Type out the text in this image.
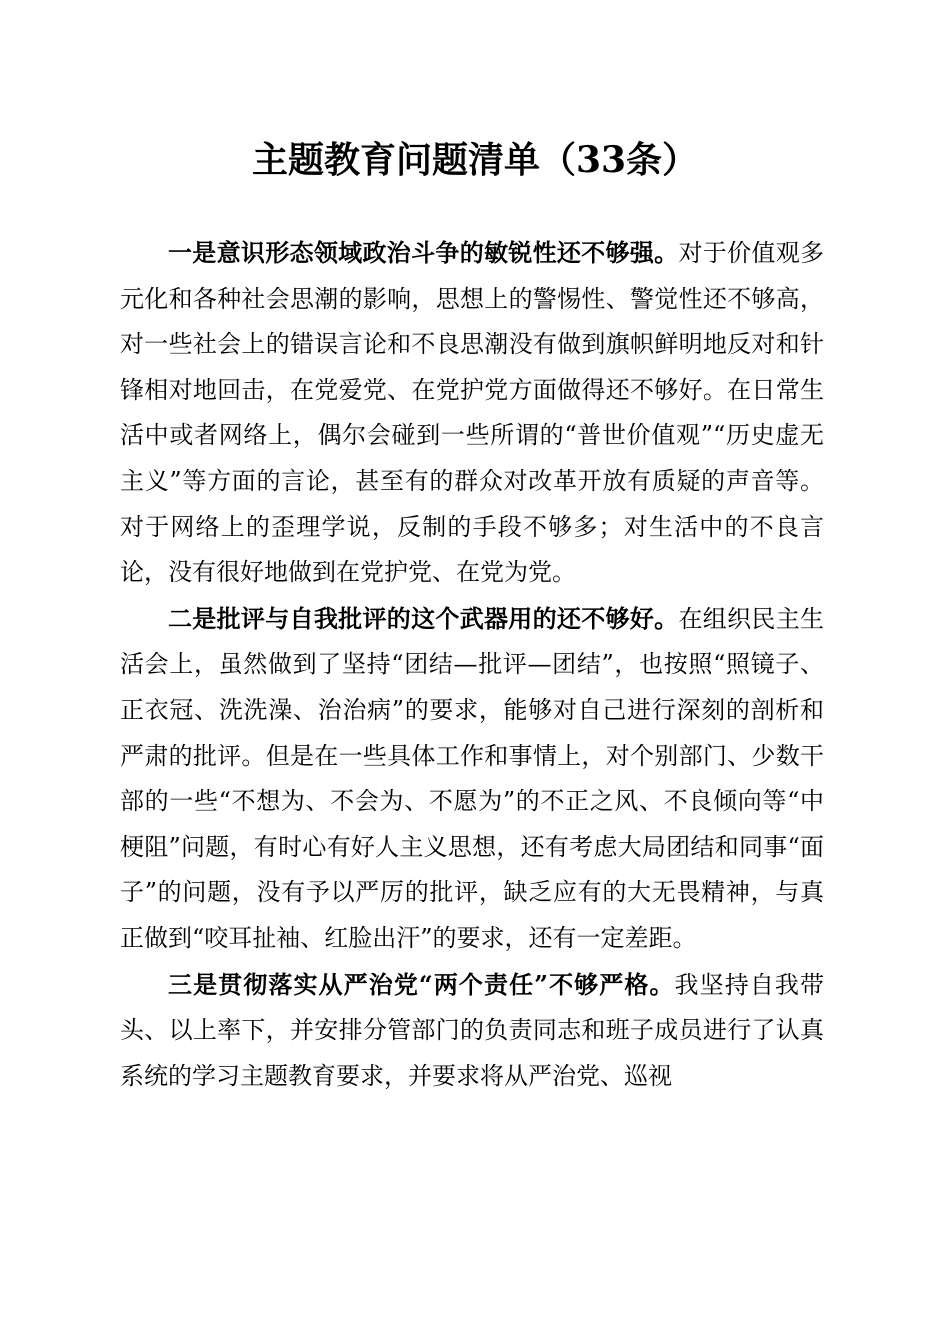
主题教育问题清单（33条）

一是意识形态领域政治斗争的敏锐性还不够强。对于价值观多元化和各种社会思潮的影响，思想上的警惕性、警觉性还不够高，对一些社会上的错误言论和不良思潮没有做到旗帜鲜明地反对和针锋相对地回击，在党爱党、在党护党方面做得还不够好。在日常生活中或者网络上，偶尔会碰到一些所谓的“普世价值观”“历史虚无主义”等方面的言论，甚至有的群众对改革开放有质疑的声音等。对于网络上的歪理学说，反制的手段不够多；对生活中的不良言论，没有很好地做到在党护党、在党为党。

二是批评与自我批评的这个武器用的还不够好。在组织民主生活会上，虽然做到了坚持“团结—批评—团结”，也按照“照镜子、正衣冠、洗洗澡、治治病”的要求，能够对自己进行深刻的剖析和严肃的批评。但是在一些具体工作和事情上，对个别部门、少数干部的一些“不想为、不会为、不愿为”的不正之风、不良倾向等“中梗阻”问题，有时心有好人主义思想，还有考虑大局团结和同事“面子”的问题，没有予以严厉的批评，缺乏应有的大无畏精神，与真正做到“咬耳扯袖、红脸出汗”的要求，还有一定差距。

三是贯彻落实从严治党“两个责任”不够严格。我坚持自我带头、以上率下，并安排分管部门的负责同志和班子成员进行了认真系统的学习主题教育要求，并要求将从严治党、巡视
